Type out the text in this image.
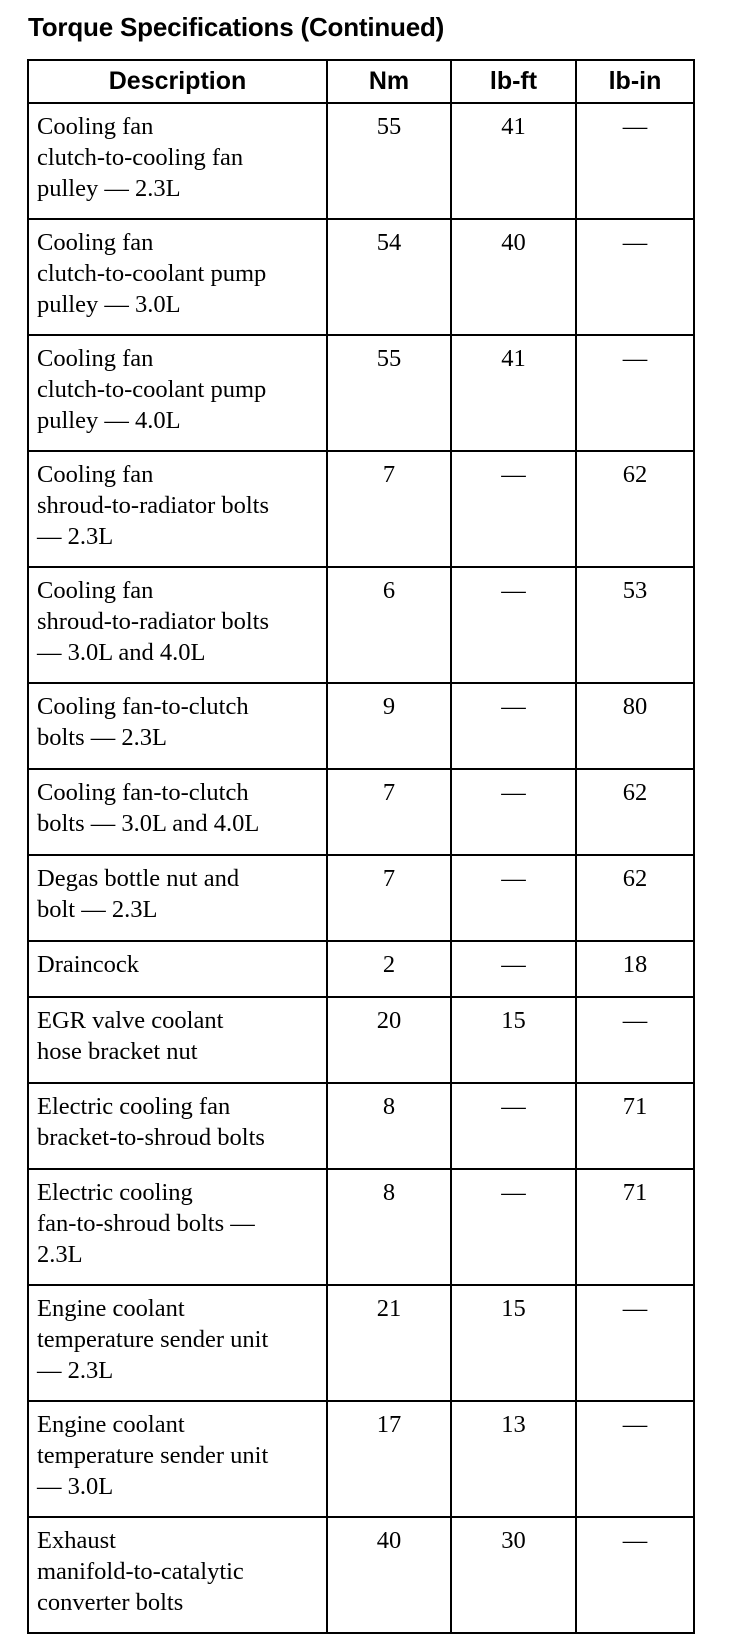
Torque Specifications (Continued)
Description	Nm	lb-ft	lb-in

Cooling fan
clutch-to-cooling fan
pulley — 2.3L	55	41	—

Cooling fan
clutch-to-coolant pump
pulley — 3.0L	54	40	—

Cooling fan
clutch-to-coolant pump
pulley — 4.0L	55	41	—

Cooling fan
shroud-to-radiator bolts
— 2.3L	7	—	62

Cooling fan
shroud-to-radiator bolts
— 3.0L and 4.0L	6	—	53

Cooling fan-to-clutch
bolts — 2.3L	9	—	80

Cooling fan-to-clutch
bolts — 3.0L and 4.0L	7	—	62

Degas bottle nut and
bolt — 2.3L	7	—	62

Draincock	2	—	18

EGR valve coolant
hose bracket nut	20	15	—

Electric cooling fan
bracket-to-shroud bolts	8	—	71

Electric cooling
fan-to-shroud bolts —
2.3L	8	—	71

Engine coolant
temperature sender unit
— 2.3L	21	15	—

Engine coolant
temperature sender unit
— 3.0L	17	13	—

Exhaust
manifold-to-catalytic
converter bolts	40	30	—
